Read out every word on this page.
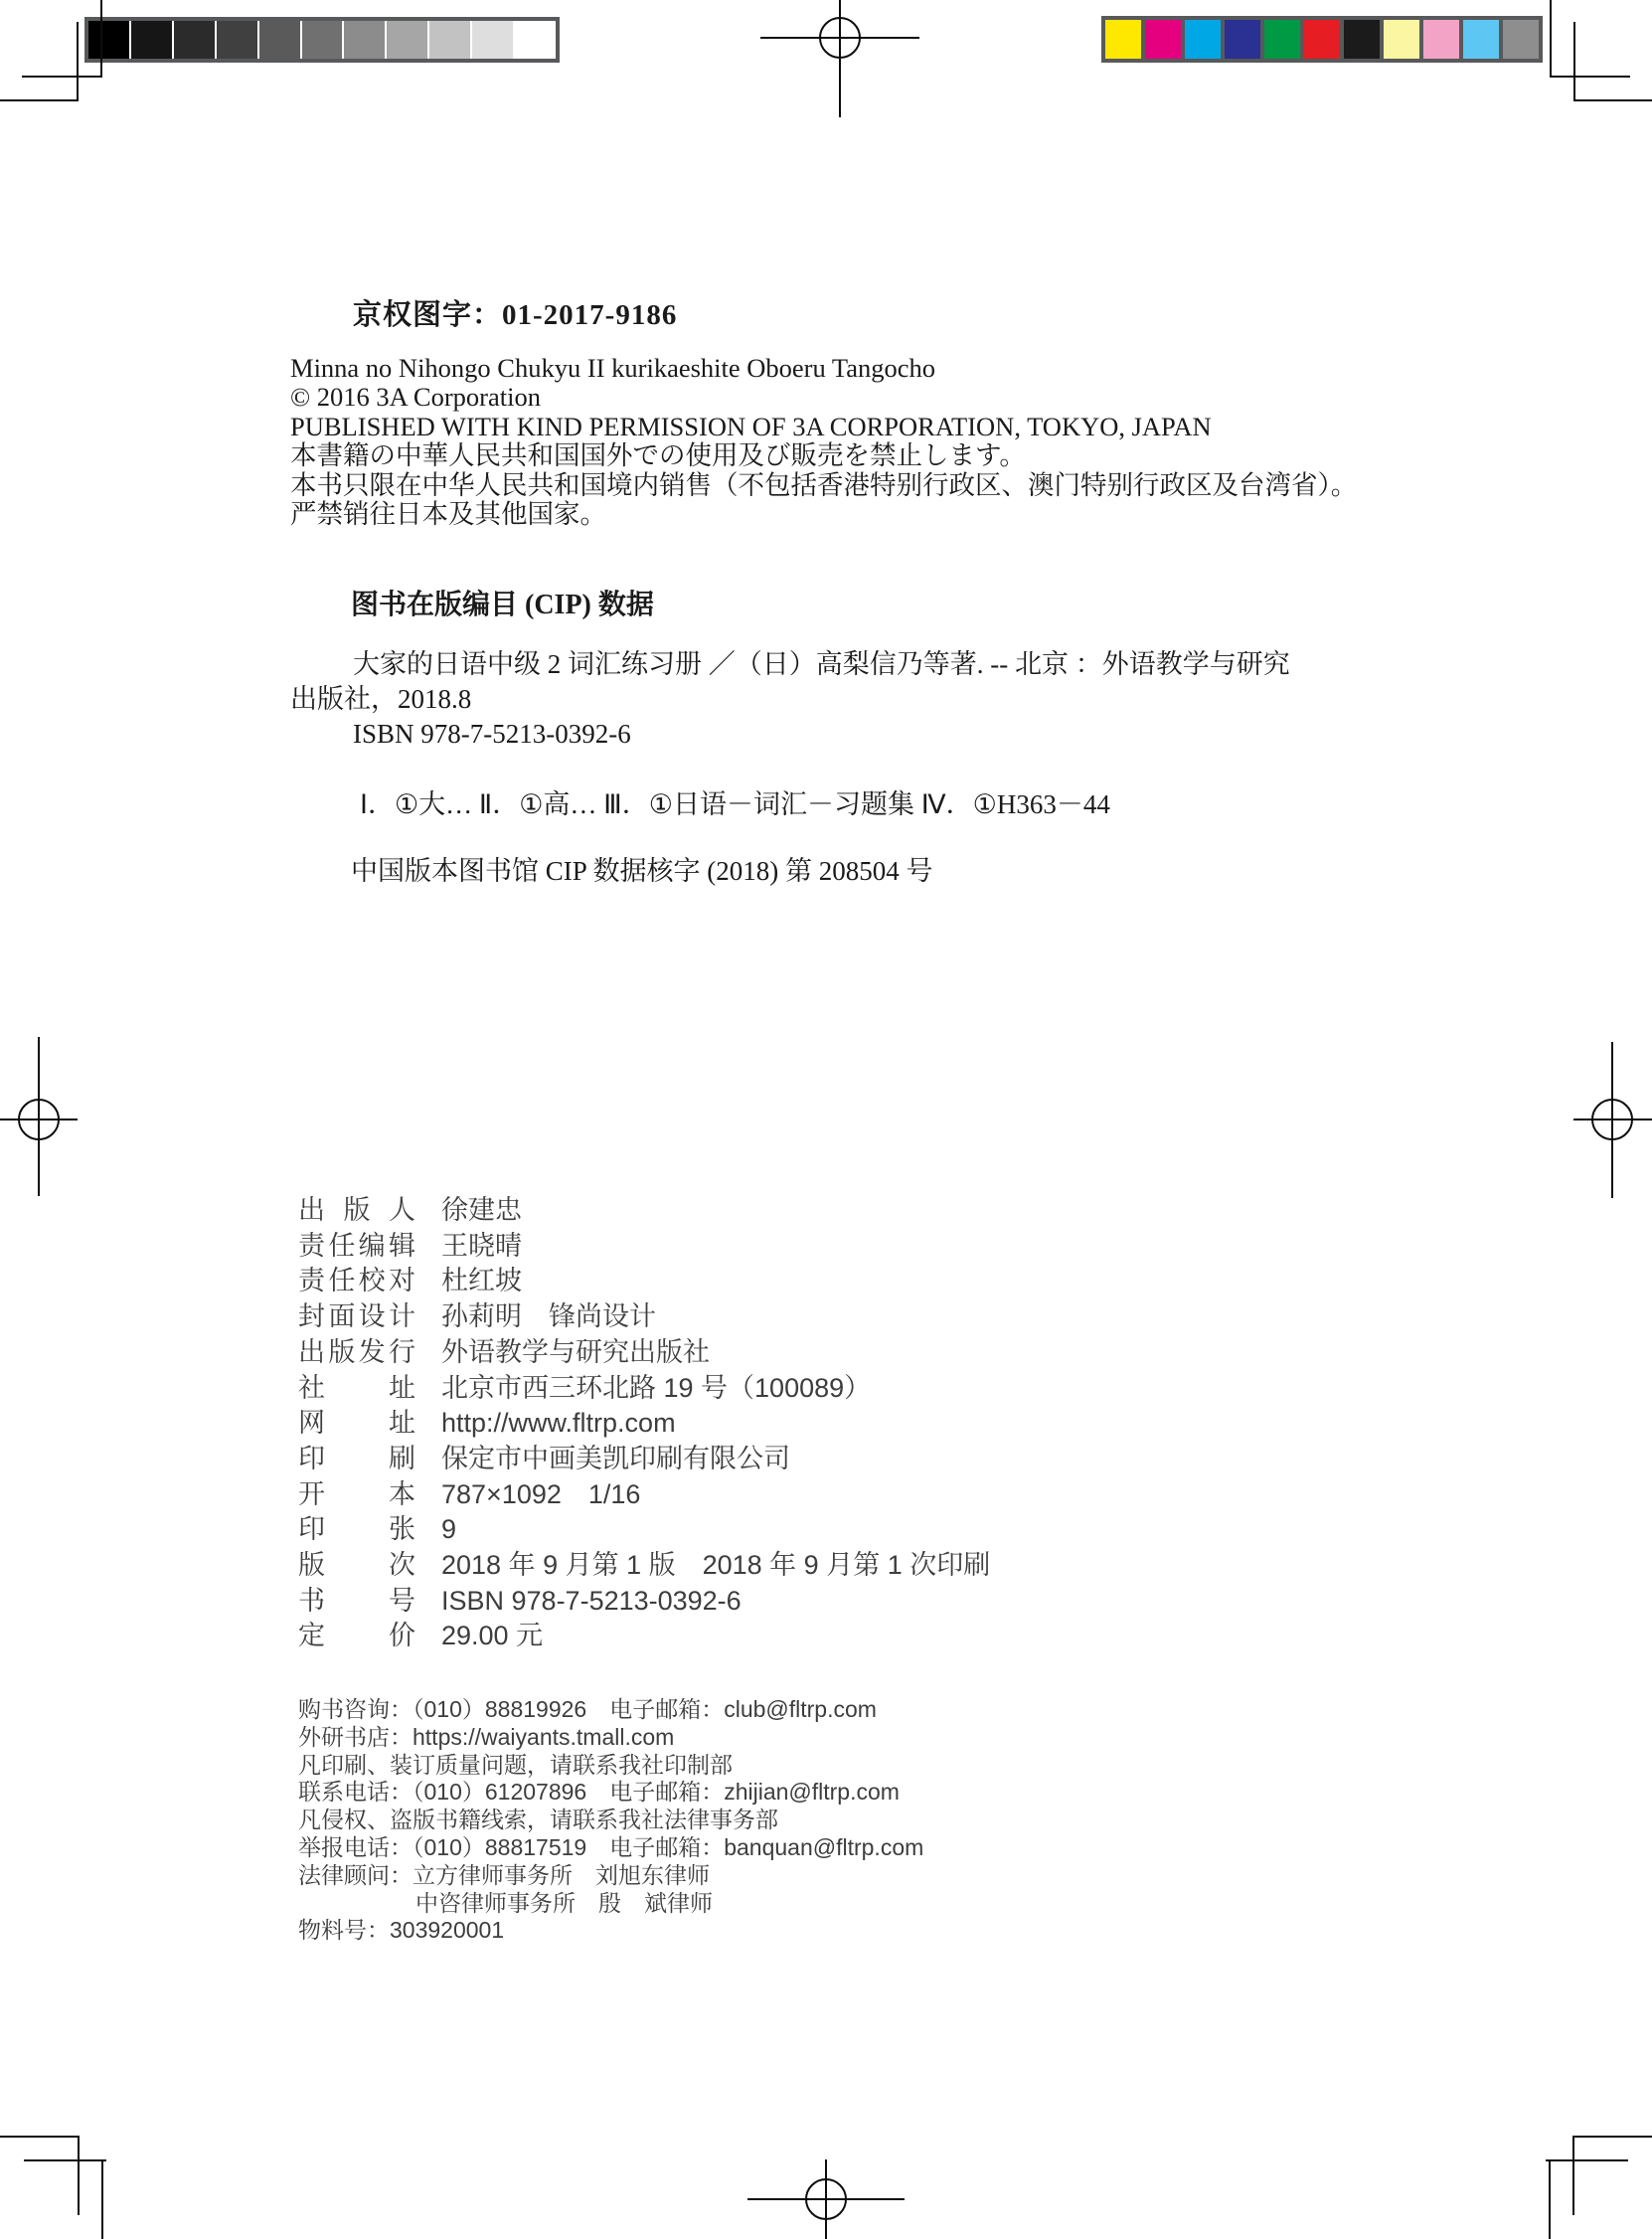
京权图字：01-2017-9186
Minna no Nihongo Chukyu II kurikaeshite Oboeru Tangocho
© 2016 3A Corporation
PUBLISHED WITH KIND PERMISSION OF 3A CORPORATION, TOKYO, JAPAN
本書籍の中華人民共和国国外での使用及び販売を禁止します。
本书只限在中华人民共和国境内销售（不包括香港特别行政区、澳门特别行政区及台湾省）。
严禁销往日本及其他国家。
图书在版编目 (CIP) 数据
大家的日语中级 2 词汇练习册 ／（日）高梨信乃等著. -- 北京 ：外语教学与研究
出版社，2018.8
ISBN 978-7-5213-0392-6
Ⅰ．①大… Ⅱ．①高… Ⅲ．①日语－词汇－习题集 Ⅳ．①H363－44
中国版本图书馆 CIP 数据核字 (2018) 第 208504 号
出版人 徐建忠
责任编辑 王晓晴
责任校对 杜红坡
封面设计 孙莉明　锋尚设计
出版发行 外语教学与研究出版社
社址 北京市西三环北路 19 号（100089）
网址 http://www.fltrp.com
印刷 保定市中画美凯印刷有限公司
开本 787×1092　1/16
印张 9
版次 2018 年 9 月第 1 版　2018 年 9 月第 1 次印刷
书号 ISBN 978-7-5213-0392-6
定价 29.00 元
购书咨询：（010）88819926　电子邮箱：club@fltrp.com
外研书店：https://waiyants.tmall.com
凡印刷、装订质量问题，请联系我社印制部
联系电话：（010）61207896　电子邮箱：zhijian@fltrp.com
凡侵权、盗版书籍线索，请联系我社法律事务部
举报电话：（010）88817519　电子邮箱：banquan@fltrp.com
法律顾问：立方律师事务所　刘旭东律师
中咨律师事务所　殷　斌律师
物料号：303920001
